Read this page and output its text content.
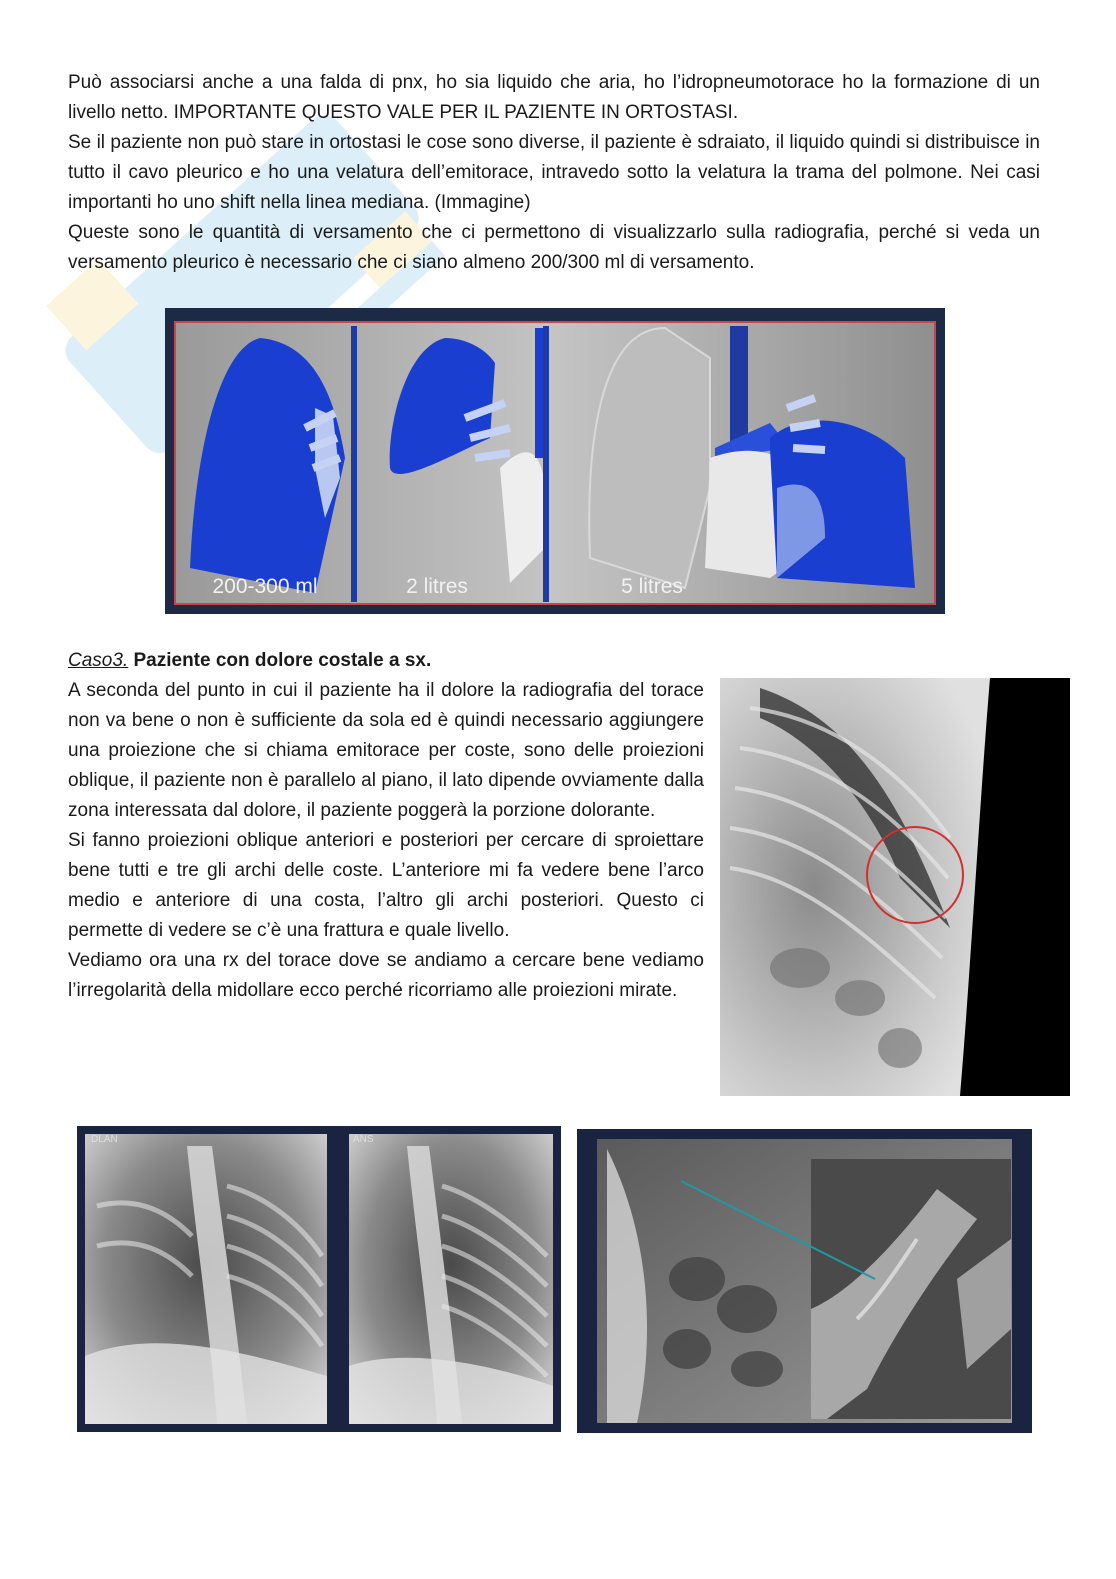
Può associarsi anche a una falda di pnx, ho sia liquido che aria, ho l’idropneumotorace ho la formazione di un livello netto. IMPORTANTE QUESTO VALE PER IL PAZIENTE IN ORTOSTASI.
Se il paziente non può stare in ortostasi le cose sono diverse, il paziente è sdraiato, il liquido quindi si distribuisce in tutto il cavo pleurico e ho una velatura dell’emitorace, intravedo sotto la velatura la trama del polmone. Nei casi importanti ho uno shift nella linea mediana. (Immagine)
Queste sono le quantità di versamento che ci permettono di visualizzarlo sulla radiografia, perché si veda un versamento pleurico è necessario che ci siano almeno 200/300 ml di versamento.
200-300 ml	2 litres	5 litres
Caso3. Paziente con dolore costale a sx.
A seconda del punto in cui il paziente ha il dolore la radiografia del torace non va bene o non è sufficiente da sola ed è quindi necessario aggiungere una proiezione che si chiama emitorace per coste, sono delle proiezioni oblique, il paziente non è parallelo al piano, il lato dipende ovviamente dalla zona interessata dal dolore, il paziente poggerà la porzione dolorante.
Si fanno proiezioni oblique anteriori e posteriori per cercare di sproiettare bene tutti e tre gli archi delle coste. L’anteriore mi fa vedere bene l’arco medio e anteriore di una costa, l’altro gli archi posteriori. Questo ci permette di vedere se c’è una frattura e quale livello.
Vediamo ora una rx del torace dove se andiamo a cercare bene vediamo l’irregolarità della midollare ecco perché ricorriamo alle proiezioni mirate.
DLAN	ANS
